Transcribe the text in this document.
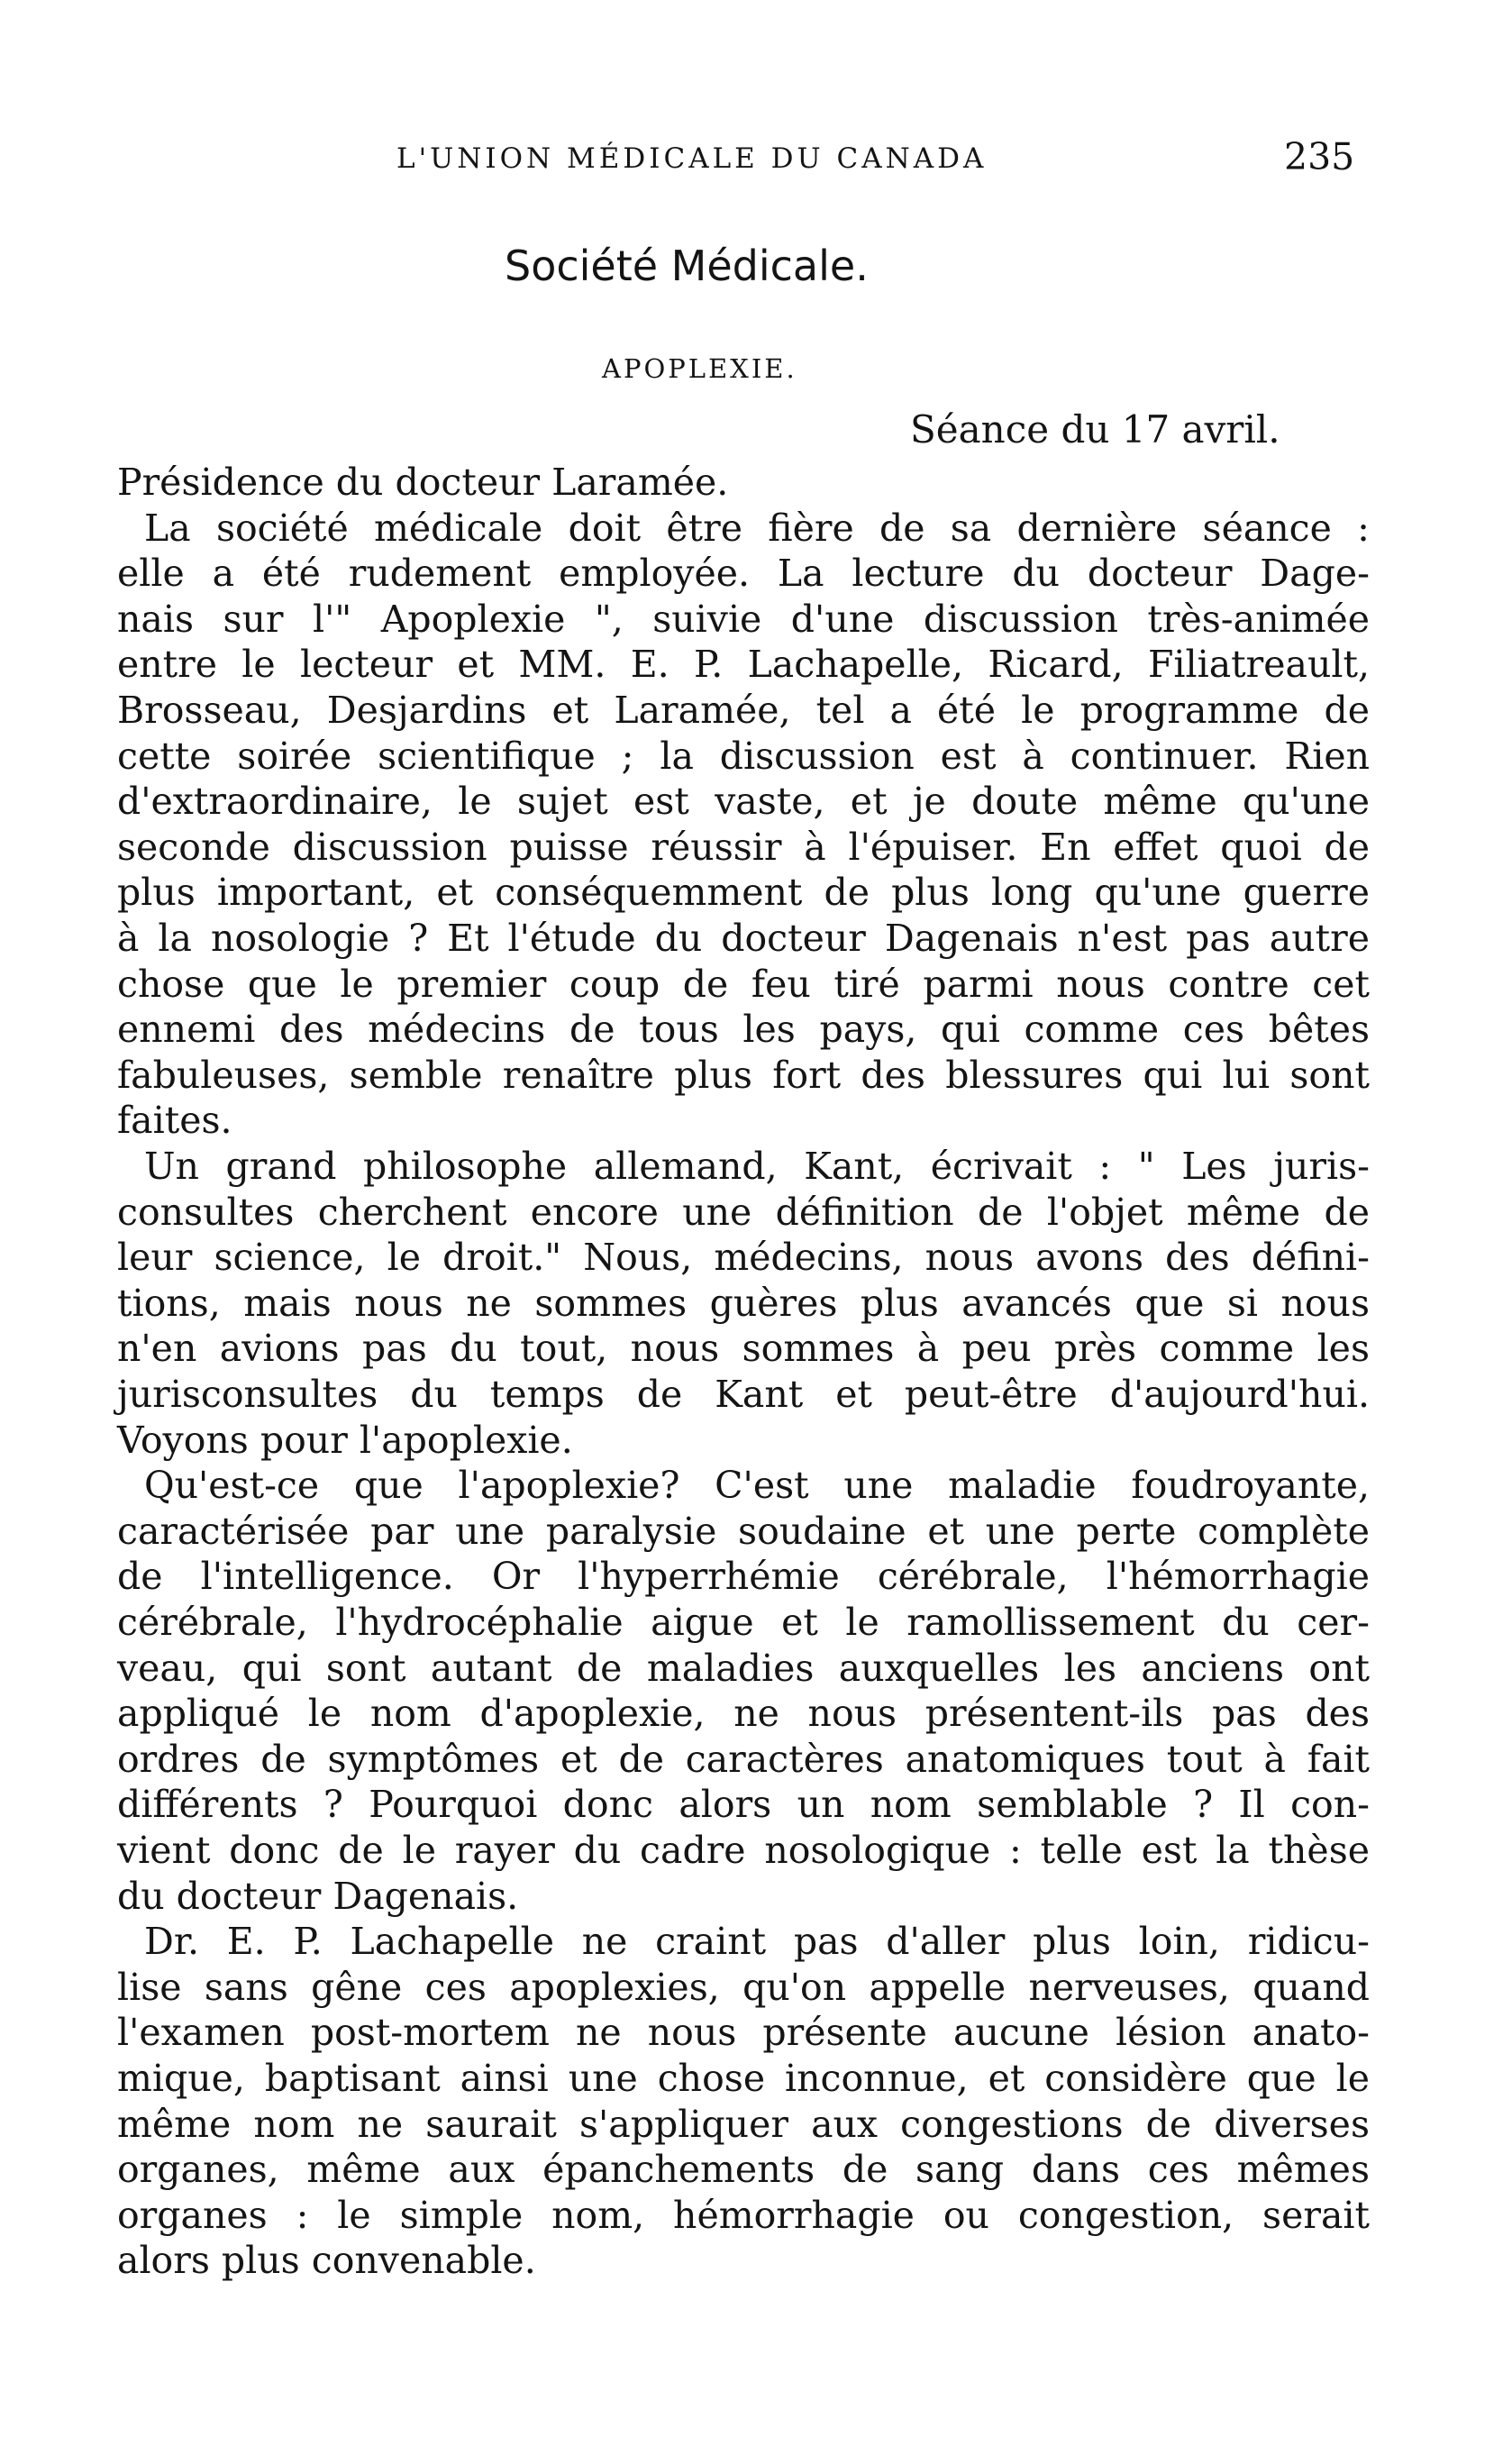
L'UNION MÉDICALE DU CANADA	235
Société Médicale.
APOPLEXIE.
Séance du 17 avril.
Présidence du docteur Laramée.
La société médicale doit être fière de sa dernière séance :
elle a été rudement employée. La lecture du docteur Dage-
nais sur l'" Apoplexie ", suivie d'une discussion très-animée
entre le lecteur et MM. E. P. Lachapelle, Ricard, Filiatreault,
Brosseau, Desjardins et Laramée, tel a été le programme de
cette soirée scientifique ; la discussion est à continuer. Rien
d'extraordinaire, le sujet est vaste, et je doute même qu'une
seconde discussion puisse réussir à l'épuiser. En effet quoi de
plus important, et conséquemment de plus long qu'une guerre
à la nosologie ? Et l'étude du docteur Dagenais n'est pas autre
chose que le premier coup de feu tiré parmi nous contre cet
ennemi des médecins de tous les pays, qui comme ces bêtes
fabuleuses, semble renaître plus fort des blessures qui lui sont
faites.
Un grand philosophe allemand, Kant, écrivait : " Les juris-
consultes cherchent encore une définition de l'objet même de
leur science, le droit." Nous, médecins, nous avons des défini-
tions, mais nous ne sommes guères plus avancés que si nous
n'en avions pas du tout, nous sommes à peu près comme les
jurisconsultes du temps de Kant et peut-être d'aujourd'hui.
Voyons pour l'apoplexie.
Qu'est-ce que l'apoplexie? C'est une maladie foudroyante,
caractérisée par une paralysie soudaine et une perte complète
de l'intelligence. Or l'hyperrhémie cérébrale, l'hémorrhagie
cérébrale, l'hydrocéphalie aigue et le ramollissement du cer-
veau, qui sont autant de maladies auxquelles les anciens ont
appliqué le nom d'apoplexie, ne nous présentent-ils pas des
ordres de symptômes et de caractères anatomiques tout à fait
différents ? Pourquoi donc alors un nom semblable ? Il con-
vient donc de le rayer du cadre nosologique : telle est la thèse
du docteur Dagenais.
Dr. E. P. Lachapelle ne craint pas d'aller plus loin, ridicu-
lise sans gêne ces apoplexies, qu'on appelle nerveuses, quand
l'examen post-mortem ne nous présente aucune lésion anato-
mique, baptisant ainsi une chose inconnue, et considère que le
même nom ne saurait s'appliquer aux congestions de diverses
organes, même aux épanchements de sang dans ces mêmes
organes : le simple nom, hémorrhagie ou congestion, serait
alors plus convenable.
